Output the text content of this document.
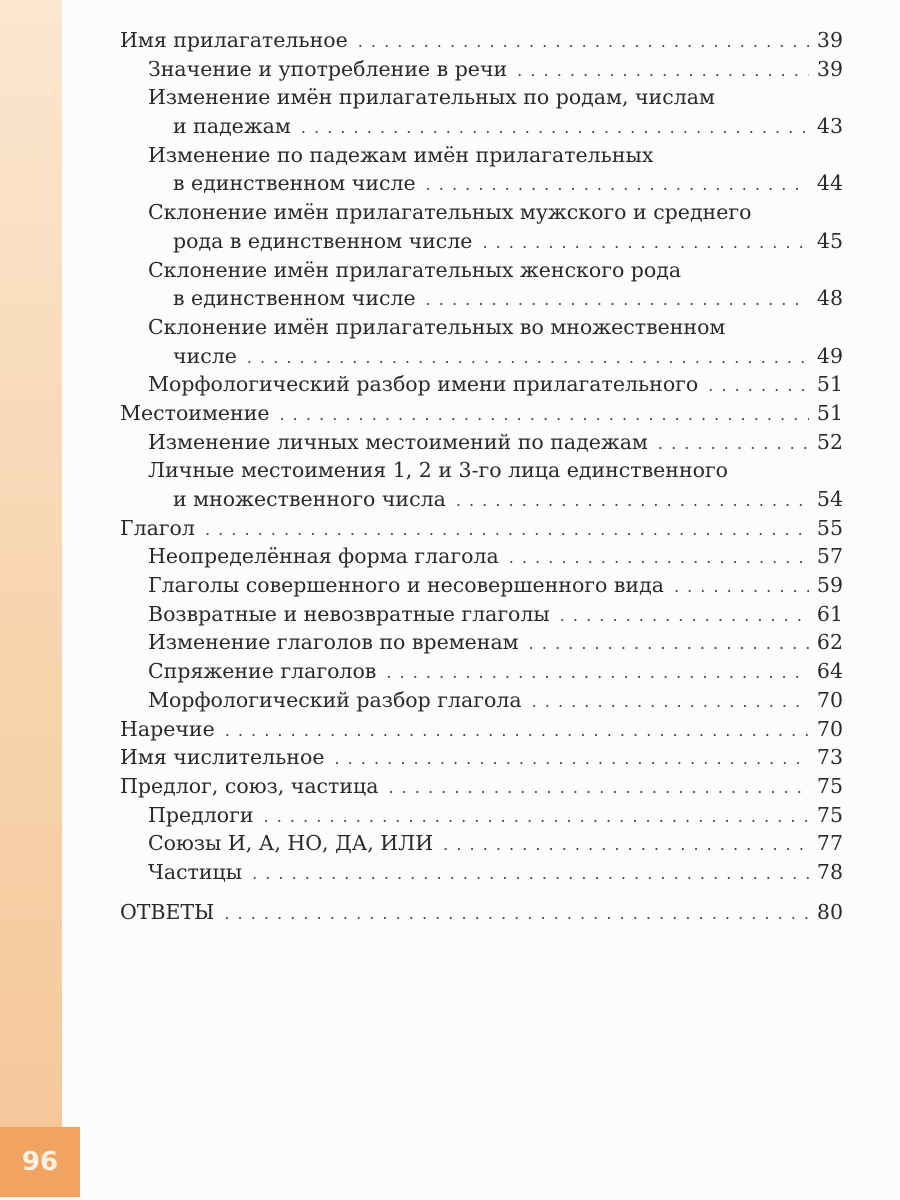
96
Имя прилагательное . . .	39
Значение и употребление в речи . . .	39
Изменение имён прилагательных по родам, числам
и падежам . . .	43
Изменение по падежам имён прилагательных
в единственном числе . . .	44
Склонение имён прилагательных мужского и среднего
рода в единственном числе . . .	45
Склонение имён прилагательных женского рода
в единственном числе . . .	48
Склонение имён прилагательных во множественном
числе . . .	49
Морфологический разбор имени прилагательного . . .	51
Местоимение . . .	51
Изменение личных местоимений по падежам . . .	52
Личные местоимения 1, 2 и 3-го лица единственного
и множественного числа . . .	54
Глагол . . .	55
Неопределённая форма глагола . . .	57
Глаголы совершенного и несовершенного вида . . .	59
Возвратные и невозвратные глаголы . . .	61
Изменение глаголов по временам . . .	62
Спряжение глаголов . . .	64
Морфологический разбор глагола . . .	70
Наречие . . .	70
Имя числительное . . .	73
Предлог, союз, частица . . .	75
Предлоги . . .	75
Союзы И, А, НО, ДА, ИЛИ . . .	77
Частицы . . .	78
ОТВЕТЫ . . .	80
